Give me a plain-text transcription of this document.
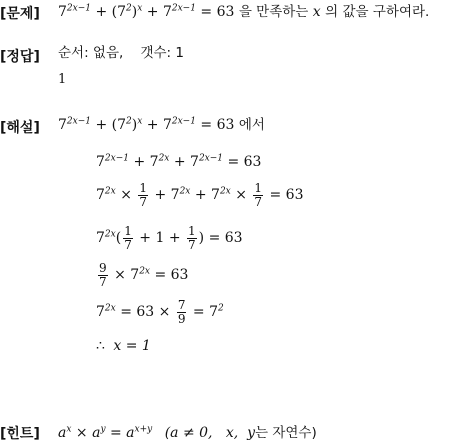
[문제] $7^{2x-1} + (7^2)^x + 7^{2x-1} = 63$ 을 만족하는 x 의 값을 구하여라.
[정답] 순서: 없음,    갯수: 1
1
[해설] $7^{2x-1} + (7^2)^x + 7^{2x-1} = 63$ 에서
$7^{2x-1} + 7^{2x} + 7^{2x-1} = 63$
$7^{2x} \times \frac{1}{7} + 7^{2x} + 7^{2x} \times \frac{1}{7} = 63$
$7^{2x}( \frac{1}{7} + 1 + \frac{1}{7}$ ) = 63
$\frac{9}{7} \times 7^{2x} = 63$
$7^{2x} = 63 \times \frac{7}{9} = 7^2$
∴ x = 1
[힌트] $a^x \times a^y = a^{x+y}$ (a ≠ 0,   x,  y는 자연수)
